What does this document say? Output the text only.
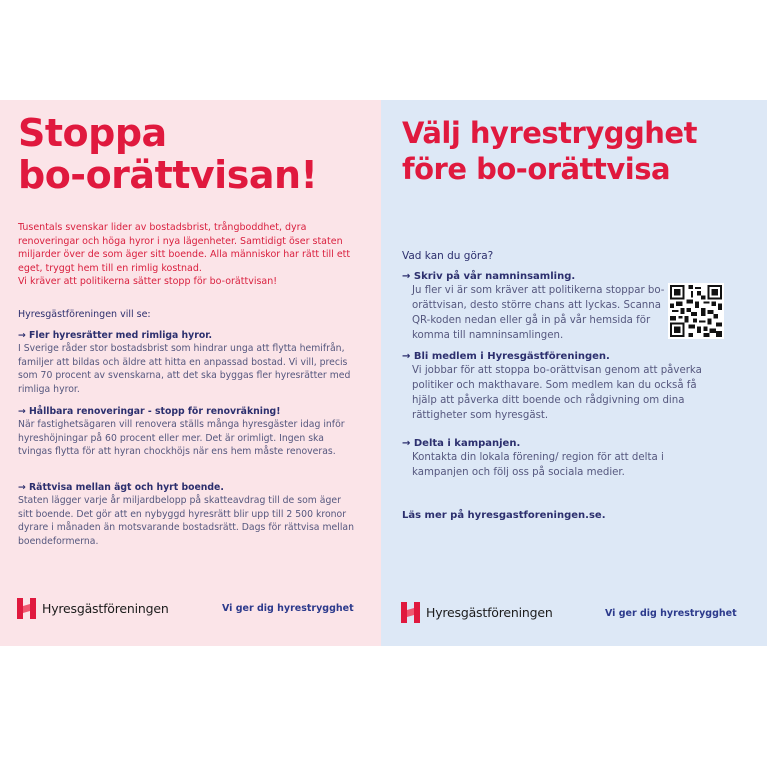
Stoppa
bo-orättvisan!

Tusentals svenskar lider av bostadsbrist, trångboddhet, dyra renoveringar och höga hyror i nya lägenheter. Samtidigt öser staten miljarder över de som äger sitt boende. Alla människor har rätt till ett eget, tryggt hem till en rimlig kostnad.
Vi kräver att politikerna sätter stopp för bo-orättvisan!

Hyresgästföreningen vill se:

→ Fler hyresrätter med rimliga hyror.
I Sverige råder stor bostadsbrist som hindrar unga att flytta hemifrån, familjer att bildas och äldre att hitta en anpassad bostad. Vi vill, precis som 70 procent av svenskarna, att det ska byggas fler hyresrätter med rimliga hyror.
→ Hållbara renoveringar - stopp för renovräkning!
När fastighetsägaren vill renovera ställs många hyresgäster idag inför hyreshöjningar på 60 procent eller mer. Det är orimligt. Ingen ska tvingas flytta för att hyran chockhöjs när ens hem måste renoveras.
→ Rättvisa mellan ägt och hyrt boende.
Staten lägger varje år miljardbelopp på skatteavdrag till de som äger sitt boende. Det gör att en nybyggd hyresrätt blir upp till 2 500 kronor dyrare i månaden än motsvarande bostadsrätt. Dags för rättvisa mellan boendeformerna.
Hyresgästföreningen	Vi ger dig hyrestrygghet
Välj hyrestrygghet
före bo-orättvisa

Vad kan du göra?

→ Skriv på vår namninsamling.
Ju fler vi är som kräver att politikerna stoppar bo-orättvisan, desto större chans att lyckas. Scanna QR-koden nedan eller gå in på vår hemsida för komma till namninsamlingen.
→ Bli medlem i Hyresgästföreningen.
Vi jobbar för att stoppa bo-orättvisan genom att påverka politiker och makthavare. Som medlem kan du också få hjälp att påverka ditt boende och rådgivning om dina rättigheter som hyresgäst.
→ Delta i kampanjen.
Kontakta din lokala förening/ region för att delta i kampanjen och följ oss på sociala medier.

Läs mer på hyresgastforeningen.se.

Hyresgästföreningen	Vi ger dig hyrestrygghet
